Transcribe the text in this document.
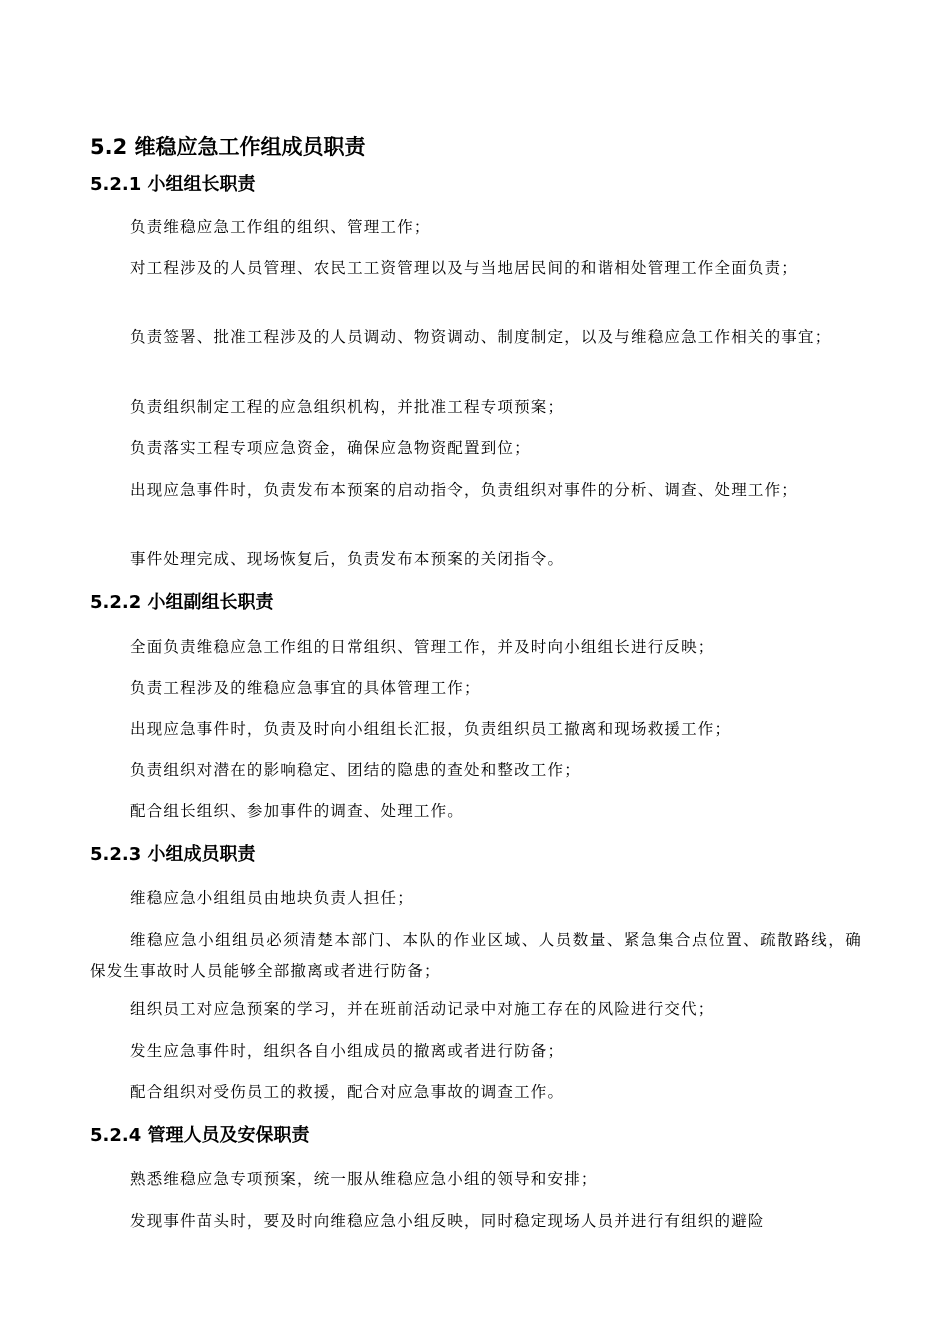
5.2 维稳应急工作组成员职责
5.2.1 小组组长职责
负责维稳应急工作组的组织、管理工作；
对工程涉及的人员管理、农民工工资管理以及与当地居民间的和谐相处管理工作全面负责；
负责签署、批准工程涉及的人员调动、物资调动、制度制定，以及与维稳应急工作相关的事宜；
负责组织制定工程的应急组织机构，并批准工程专项预案；
负责落实工程专项应急资金，确保应急物资配置到位；
出现应急事件时，负责发布本预案的启动指令，负责组织对事件的分析、调查、处理工作；
事件处理完成、现场恢复后，负责发布本预案的关闭指令。
5.2.2 小组副组长职责
全面负责维稳应急工作组的日常组织、管理工作，并及时向小组组长进行反映；
负责工程涉及的维稳应急事宜的具体管理工作；
出现应急事件时，负责及时向小组组长汇报，负责组织员工撤离和现场救援工作；
负责组织对潜在的影响稳定、团结的隐患的查处和整改工作；
配合组长组织、参加事件的调查、处理工作。
5.2.3 小组成员职责
维稳应急小组组员由地块负责人担任；
维稳应急小组组员必须清楚本部门、本队的作业区域、人员数量、紧急集合点位置、疏散路线，确保发生事故时人员能够全部撤离或者进行防备；
组织员工对应急预案的学习，并在班前活动记录中对施工存在的风险进行交代；
发生应急事件时，组织各自小组成员的撤离或者进行防备；
配合组织对受伤员工的救援，配合对应急事故的调查工作。
5.2.4 管理人员及安保职责
熟悉维稳应急专项预案，统一服从维稳应急小组的领导和安排；
发现事件苗头时，要及时向维稳应急小组反映，同时稳定现场人员并进行有组织的避险
